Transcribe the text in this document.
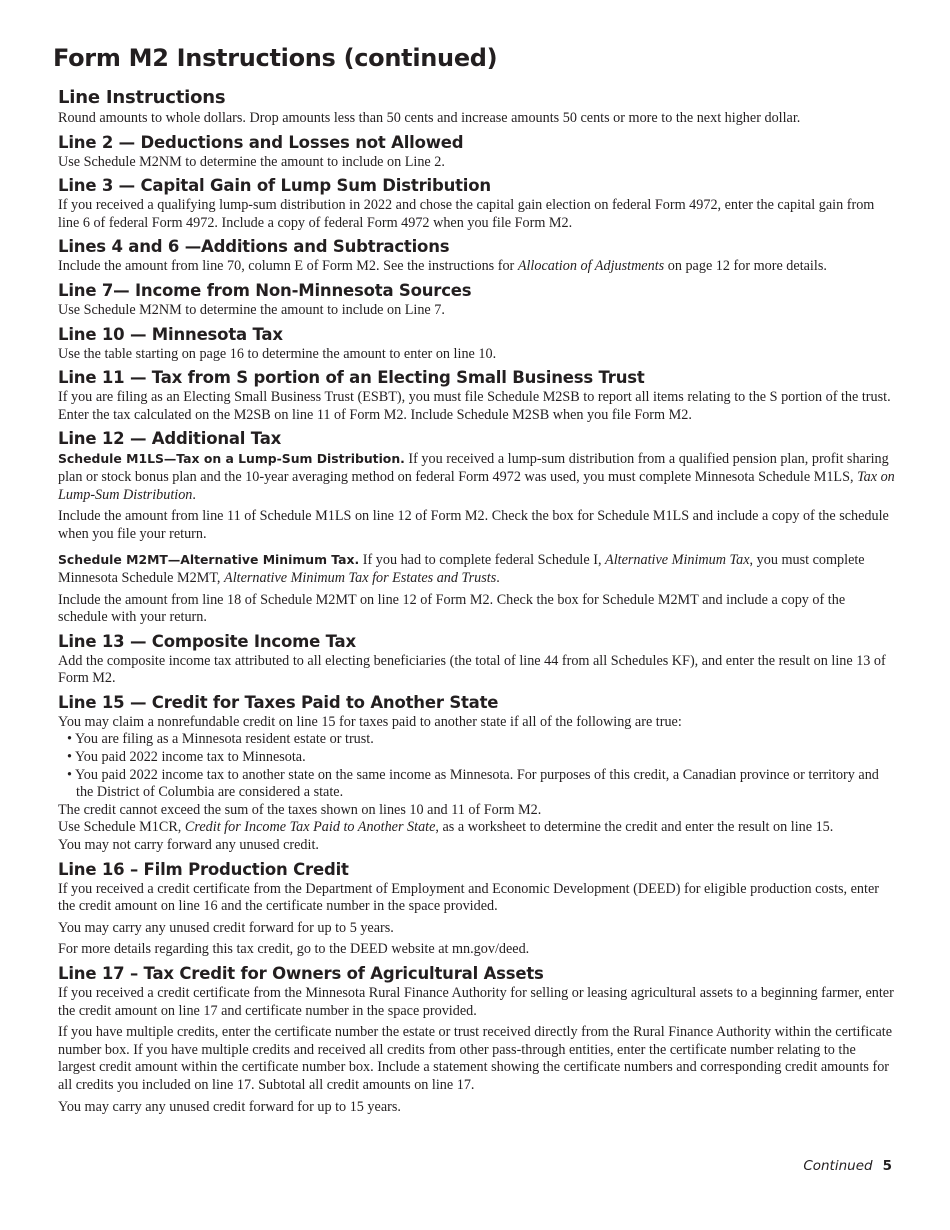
Form M2 Instructions (continued)
Line Instructions

Round amounts to whole dollars. Drop amounts less than 50 cents and increase amounts 50 cents or more to the next higher dollar.

Line 2 — Deductions and Losses not Allowed

Use Schedule M2NM to determine the amount to include on Line 2.

Line 3 — Capital Gain of Lump Sum Distribution

If you received a qualifying lump-sum distribution in 2022 and chose the capital gain election on federal Form 4972, enter the capital gain from line 6 of federal Form 4972. Include a copy of federal Form 4972 when you file Form M2.

Lines 4 and 6 —Additions and Subtractions

Include the amount from line 70, column E of Form M2. See the instructions for Allocation of Adjustments on page 12 for more details.

Line 7— Income from Non-Minnesota Sources

Use Schedule M2NM to determine the amount to include on Line 7.

Line 10 — Minnesota Tax

Use the table starting on page 16 to determine the amount to enter on line 10.

Line 11 — Tax from S portion of an Electing Small Business Trust

If you are filing as an Electing Small Business Trust (ESBT), you must file Schedule M2SB to report all items relating to the S portion of the trust. Enter the tax calculated on the M2SB on line 11 of Form M2. Include Schedule M2SB when you file Form M2.

Line 12 — Additional Tax

Schedule M1LS—Tax on a Lump-Sum Distribution. If you received a lump-sum distribution from a qualified pension plan, profit sharing plan or stock bonus plan and the 10-year averaging method on federal Form 4972 was used, you must complete Minnesota Schedule M1LS, Tax on Lump-Sum Distribution.

Include the amount from line 11 of Schedule M1LS on line 12 of Form M2. Check the box for Schedule M1LS and include a copy of the schedule when you file your return.

Schedule M2MT—Alternative Minimum Tax. If you had to complete federal Schedule I, Alternative Minimum Tax, you must complete Minnesota Schedule M2MT, Alternative Minimum Tax for Estates and Trusts.

Include the amount from line 18 of Schedule M2MT on line 12 of Form M2. Check the box for Schedule M2MT and include a copy of the schedule with your return.

Line 13 — Composite Income Tax

Add the composite income tax attributed to all electing beneficiaries (the total of line 44 from all Schedules KF), and enter the result on line 13 of Form M2.

Line 15 — Credit for Taxes Paid to Another State

You may claim a nonrefundable credit on line 15 for taxes paid to another state if all of the following are true:

• You are filing as a Minnesota resident estate or trust.

• You paid 2022 income tax to Minnesota.

• You paid 2022 income tax to another state on the same income as Minnesota. For purposes of this credit, a Canadian province or territory and the District of Columbia are considered a state.

The credit cannot exceed the sum of the taxes shown on lines 10 and 11 of Form M2.

Use Schedule M1CR, Credit for Income Tax Paid to Another State, as a worksheet to determine the credit and enter the result on line 15.

You may not carry forward any unused credit.

Line 16 – Film Production Credit

If you received a credit certificate from the Department of Employment and Economic Development (DEED) for eligible production costs, enter the credit amount on line 16 and the certificate number in the space provided.

You may carry any unused credit forward for up to 5 years.

For more details regarding this tax credit, go to the DEED website at mn.gov/deed.

Line 17 – Tax Credit for Owners of Agricultural Assets

If you received a credit certificate from the Minnesota Rural Finance Authority for selling or leasing agricultural assets to a beginning farmer, enter the credit amount on line 17 and certificate number in the space provided.

If you have multiple credits, enter the certificate number the estate or trust received directly from the Rural Finance Authority within the certificate number box. If you have multiple credits and received all credits from other pass-through entities, enter the certificate number relating to the largest credit amount within the certificate number box. Include a statement showing the certificate numbers and corresponding credit amounts for all credits you included on line 17. Subtotal all credit amounts on line 17.

You may carry any unused credit forward for up to 15 years.

Continued 5
